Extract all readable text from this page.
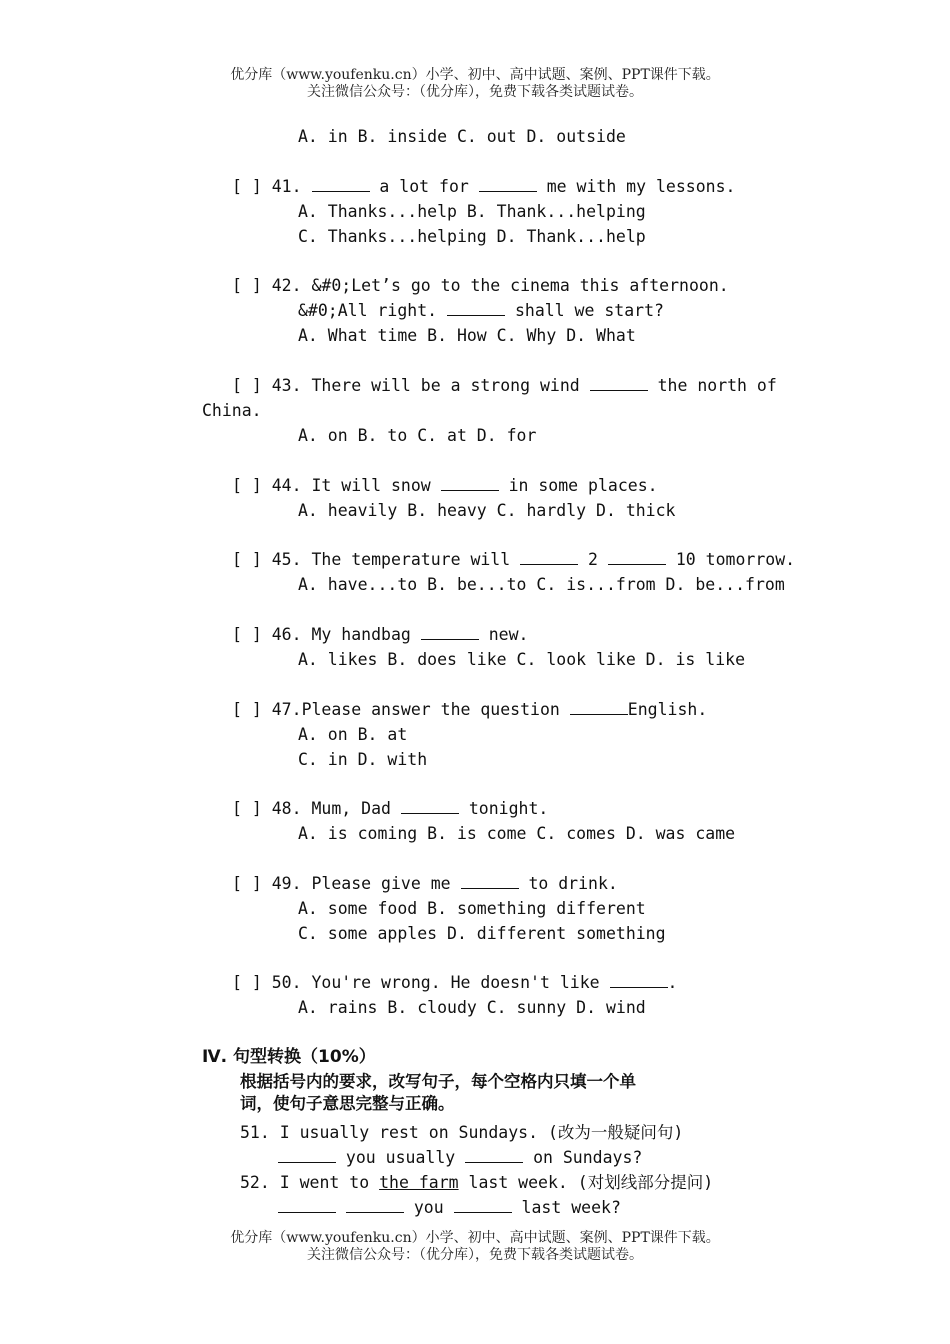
优分库（www.youfenku.cn）小学、初中、高中试题、案例、PPT课件下载。
关注微信公众号：（优分库），免费下载各类试题试卷。
A. in B. inside C. out D. outside
[ ] 41.	a lot for	me with my lessons.
A. Thanks...help B. Thank...helping
C. Thanks...helping D. Thank...help
[ ] 42. &#0;Let’s go to the cinema this afternoon.
&#0;All right.	shall we start?
A. What time B. How C. Why D. What
[ ] 43. There will be a strong wind	the north of
China.
A. on B. to C. at D. for
[ ] 44. It will snow	in some places.
A. heavily B. heavy C. hardly D. thick
[ ] 45. The temperature will	2	10 tomorrow.
A. have...to B. be...to C. is...from D. be...from
[ ] 46. My handbag	new.
A. likes B. does like C. look like D. is like
[ ] 47.Please answer the question	English.
A. on B. at
C. in D. with
[ ] 48. Mum, Dad	tonight.
A. is coming B. is come C. comes D. was came
[ ] 49. Please give me	to drink.
A. some food B. something different
C. some apples D. different something
[ ] 50. You're wrong. He doesn't like	.
A. rains B. cloudy C. sunny D. wind
Ⅳ. 句型转换（10%）
根据括号内的要求，改写句子，每个空格内只填一个单
词，使句子意思完整与正确。
51. I usually rest on Sundays. (改为一般疑问句)
you usually	on Sundays?
52. I went to the farm last week. (对划线部分提问)
you	last week?
优分库（www.youfenku.cn）小学、初中、高中试题、案例、PPT课件下载。
关注微信公众号：（优分库），免费下载各类试题试卷。
